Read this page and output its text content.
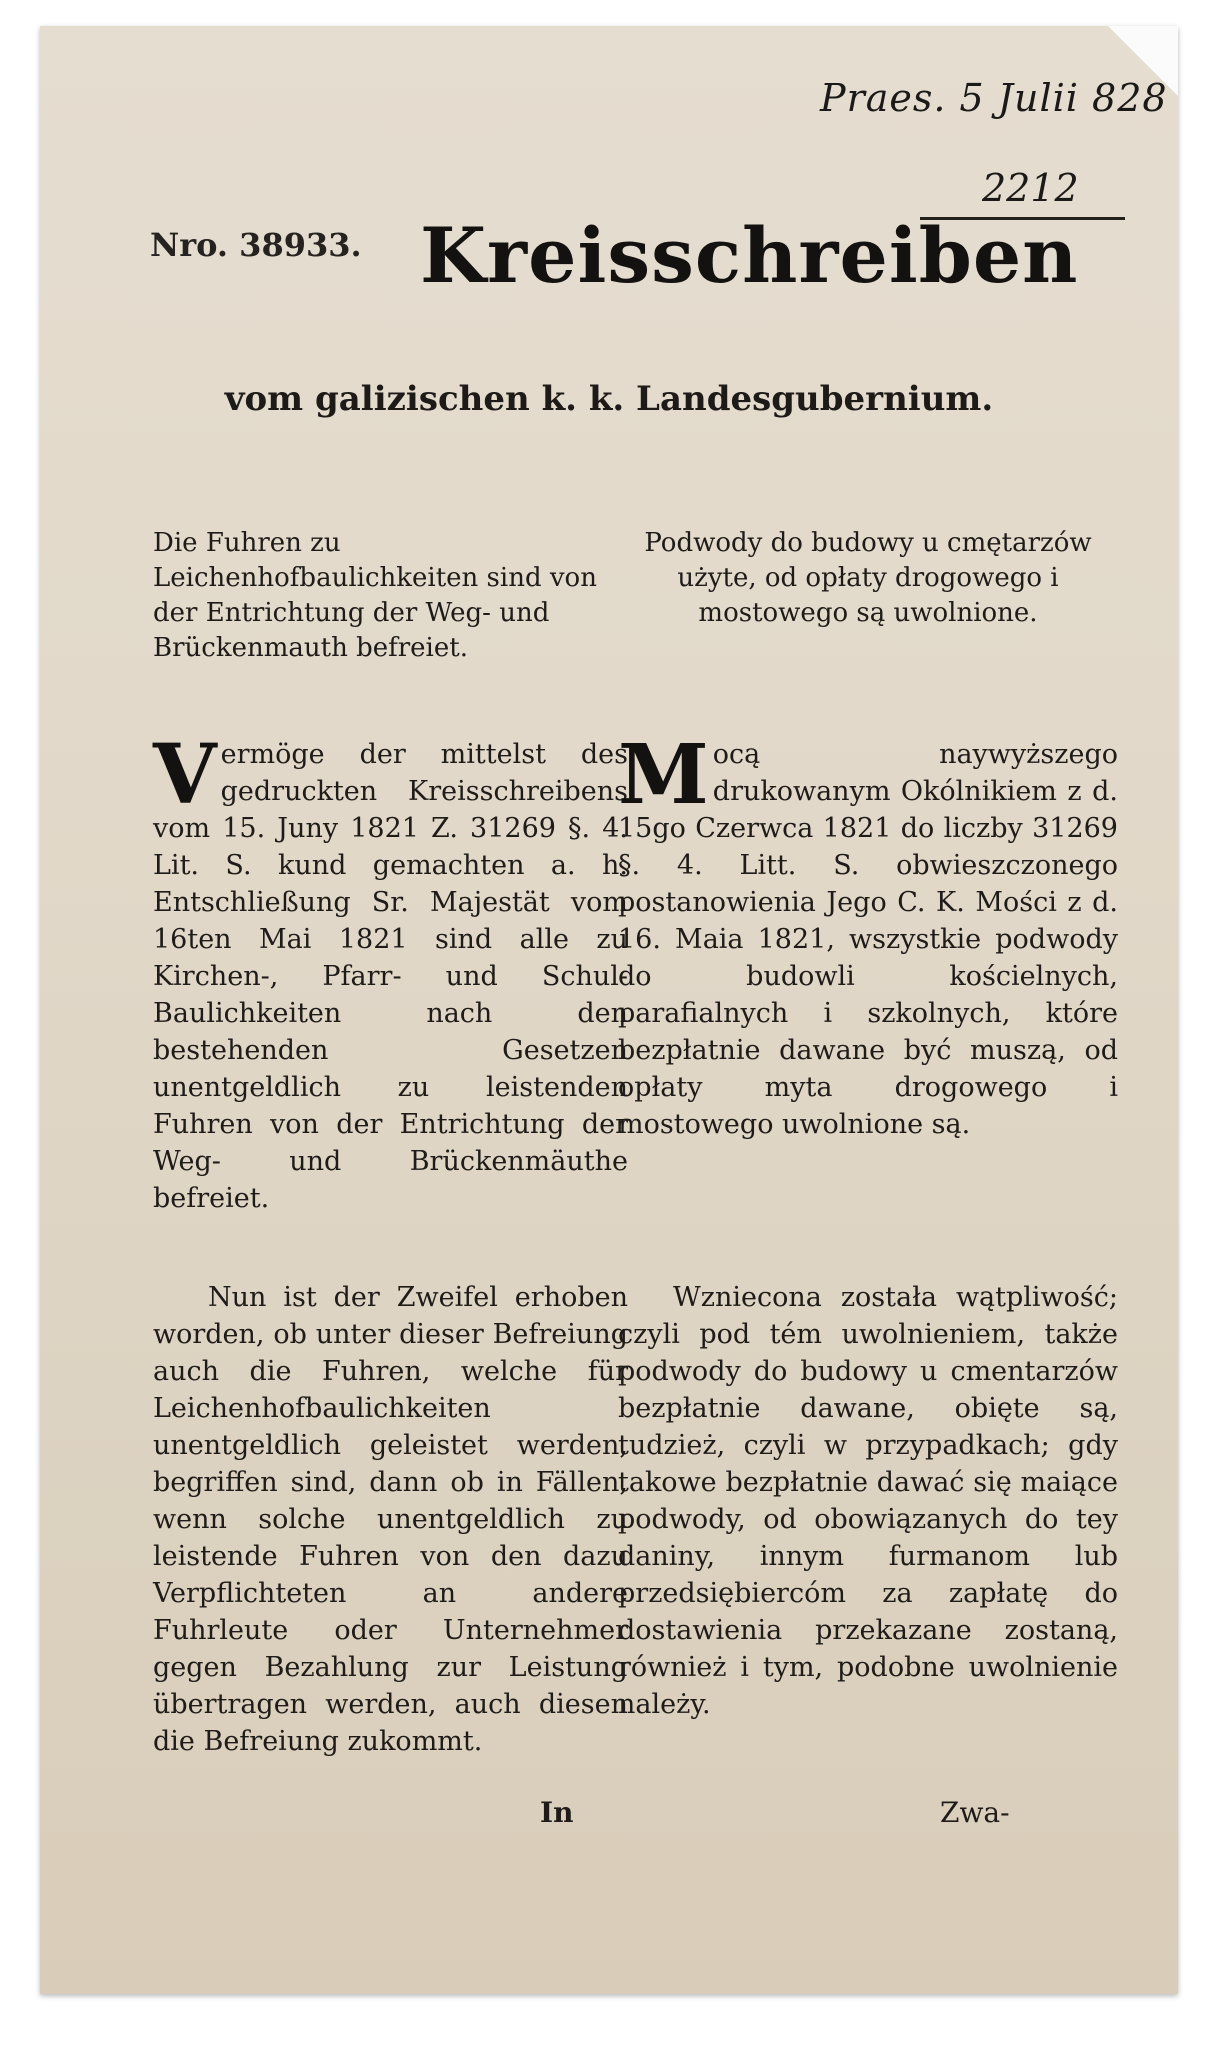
Praes. 5 Julii 828
2212
Nro. 38933. Kreisschreiben
vom galizischen k. k. Landesgubernium.
Die Fuhren zu Leichenhofbaulichkeiten sind von der Entrichtung der Weg- und Brückenmauth befreiet.
Podwody do budowy u cmętarzów użyte, od opłaty drogowego i mostowego są uwolnione.
Vermöge der mittelst des gedruckten Kreisschreibens vom 15. Juny 1821 Z. 31269 §. 4. Lit. S. kund gemachten a. h. Entschließung Sr. Majestät vom 16ten Mai 1821 sind alle zu Kirchen-, Pfarr- und Schul-Baulichkeiten nach den bestehenden Gesetzen unentgeldlich zu leistenden Fuhren von der Entrichtung der Weg- und Brückenmäuthe befreiet.
Mocą naywyższego drukowanym Okólnikiem z d. 15go Czerwca 1821 do liczby 31269 §. 4. Litt. S. obwieszczonego postanowienia Jego C. K. Mości z d. 16. Maia 1821, wszystkie podwody do budowli kościelnych, parafialnych i szkolnych, które bezpłatnie dawane być muszą, od opłaty myta drogowego i mostowego uwolnione są.
Nun ist der Zweifel erhoben worden, ob unter dieser Befreiung auch die Fuhren, welche für Leichenhofbaulichkeiten unentgeldlich geleistet werden, begriffen sind, dann ob in Fällen, wenn solche unentgeldlich zu leistende Fuhren von den dazu Verpflichteten an andere Fuhrleute oder Unternehmer gegen Bezahlung zur Leistung übertragen werden, auch diesen die Befreiung zukommt.
Wzniecona została wątpliwość; czyli pod tém uwolnieniem, także podwody do budowy u cmentarzów bezpłatnie dawane, obięte są, tudzież, czyli w przypadkach; gdy takowe bezpłatnie dawać się maiące podwody, od obowiązanych do tey daniny, innym furmanom lub przedsiębiercóm za zapłatę do dostawienia przekazane zostaną, również i tym, podobne uwolnienie należy.
In	Zwa-
